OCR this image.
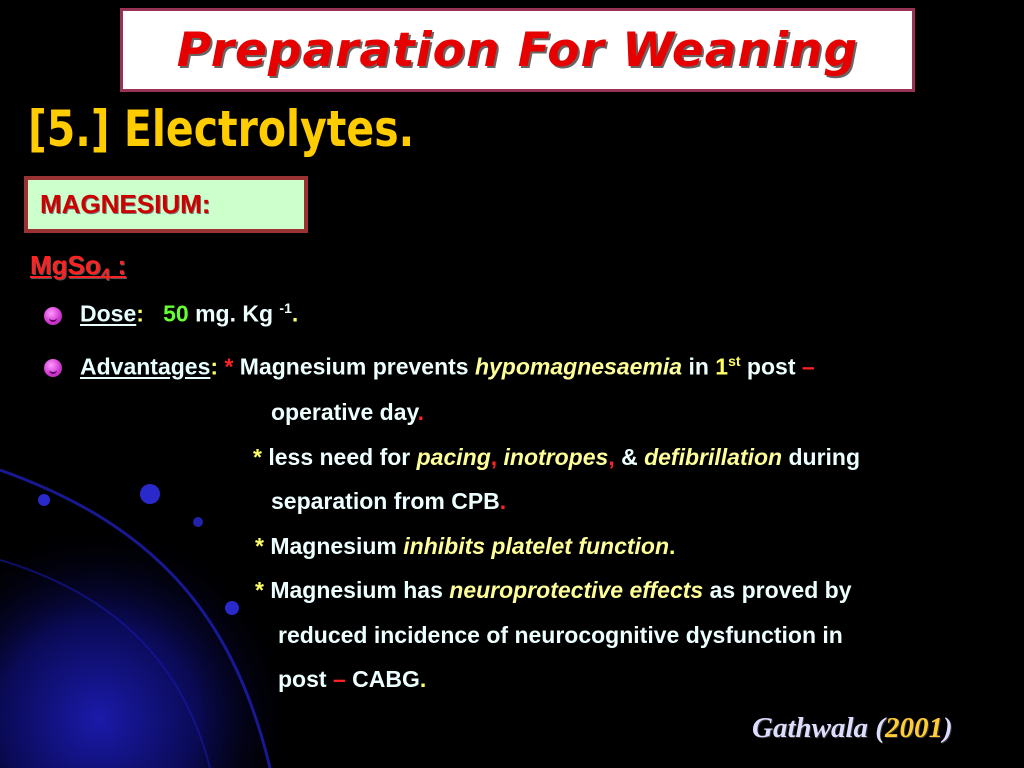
Preparation For Weaning
[5.] Electrolytes.
MAGNESIUM:
MgSo$_4$ :
Dose: 50 mg. Kg $^{-1}$.
Advantages: * Magnesium prevents hypomagnesaemia in 1st post –
operative day.
* less need for pacing, inotropes, & defibrillation during
separation from CPB.
* Magnesium inhibits platelet function.
* Magnesium has neuroprotective effects as proved by
reduced incidence of neurocognitive dysfunction in
post – CABG.
Gathwala (2001)
